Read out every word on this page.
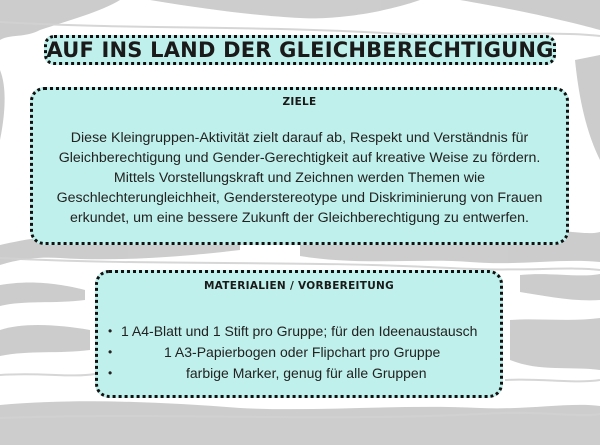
AUF INS LAND DER GLEICHBERECHTIGUNG
ZIELE
Diese Kleingruppen-Aktivität zielt darauf ab, Respekt und Verständnis für
Gleichberechtigung und Gender-Gerechtigkeit auf kreative Weise zu fördern.
Mittels Vorstellungskraft und Zeichnen werden Themen wie
Geschlechterungleichheit, Genderstereotype und Diskriminierung von Frauen
erkundet, um eine bessere Zukunft der Gleichberechtigung zu entwerfen.
MATERIALIEN / VORBEREITUNG
• 1 A4-Blatt und 1 Stift pro Gruppe; für den Ideenaustausch
•	1 A3-Papierbogen oder Flipchart pro Gruppe
•	farbige Marker, genug für alle Gruppen
